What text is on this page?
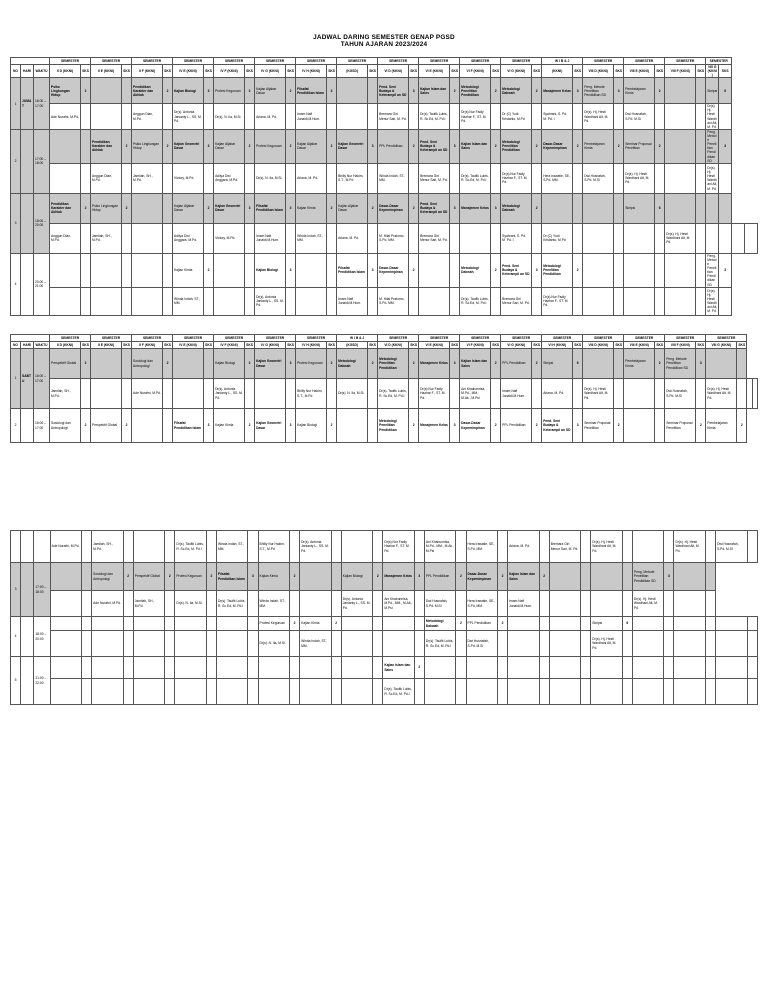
JADWAL DARING SEMESTER GENAP PGSD
TAHUN AJARAN 2023/2024
			SEMESTER		SEMESTER		SEMESTER		SEMESTER		SEMESTER		SEMESTER		SEMESTER		SEMESTER		SEMESTER		SEMESTER		SEMESTER		SEMESTER		W I B & J		SEMESTER		SEMESTER		SEMESTER		SEMESTER			
NO	HARI	WAKTU	II D (KKNI)	SKS	II E (KKNI)	SKS	II F (KKNI)	SKS	IV E (KKNI)	SKS	IV F (KKNI)	SKS	IV G (KKNI)	SKS	IV H (KKNI)	SKS	(KGSD)	SKS	VI D (KKNI)	SKS	VI E (KKNI)	SKS	VI F (KKNI)	SKS	VI G (KKNI)	SKS	(KKNI)	SKS	VIII D (KKNI)	SKS	VIII E (KKNI)	SKS	VIII F (KKNI)	SKS	VIII G (KKNI)	SKS		
1	JUMAT	16:00 – 17:00	Psiko Lingkungan Hidup	2			Pendidikan Karakter dan Akhlak	2	Kajian Biologi	3	Profesi Keguruan	2	Kajian Aljabar Dasar	2	Filsafat Pendidikan Islam	3			Pend. Seni Budaya & Keterampil an SD	3	Kajian Islam dan Sains	2	Metodologi Penelitian Pendidikan	2	Metodologi Dakwah	2	Manajemen Kelas	3	Peng. Metode Penelitian Pendidikan SD	3	Pembelajaran Kimia	2			Skripsi	6		
			Ade Nurafni, M.Pd.				Anggun Dian, M.Pd.		Dr(s). Antonia Janianty L., SS. M. Pd.		Dr(s). N. Ila, M.Si.		Ariana, M. Pd.		Imam Nafi Junaidi,M.Hum.				Bremara Giri Menur Sari, M. Pd.		Dr(s). Taufik Lubis, R. Sc.Ed, M. Pd.I		Dr(s).Nur Fadly Hazhar F., ST. M. Pd.		Dr (C) Yudi Kristanto, M.Pd		Syahrani, S. Pd. M. Pd. I		Dr(s). Hj. Hesti Wardhani Alt, M. Pd.		Dwi Husnafah, S.Pd. M.Si				Dr(s). Hj. Hesti Wardhani Alt, M. Pd.			
2		17:00 – 18:00			Pendidikan Karakter dan Akhlak	2	Psiko Lingkungan Hidup	2	Kajian Geometri Dasar	3	Kajian Aljabar Dasar	2	Profesi Keguruan	2	Kajian Aljabar Dasar	2	Kajian Geometri Dasar	3	PPL Pendidikan	2	Pend. Seni Budaya & Keterampil an SD	3	Kajian Islam dan Sains	2	Metodologi Penelitian Pendidikan	2	Dasar-Dasar Kepemimpinan	2	Pembelajaran Kimia	2	Seminar Proposal Penelitian	2			Peng. Metode Penelitian Pendidikan SD	3		
					Anggun Dian, M.Pd.		Jamilah, SH., M.Pd.		Victory, M.Pd.		Adilya Dwi Anggara, M.Pd.		Dr(s). N. Ila, M.Si.		Ariana, M. Pd.		Bhilly Nur Hakim, S.T., M.Pd		Winda Indah, ST., MM.		Bremara Giri Menur Sari, M. Pd.		Dr(s). Taufik Lubis, R. Sc.Ed, M. Pd.I		Dr(s).Nur Fadly Hazhar F., ST. M. Pd.		Hera Irawatie, SE., S.Pd, MM.		Dwi Husnafah, S.Pd. M.Si		Dr(s). Hj. Hesti Wardhani Alt, M. Pd.				Dr(s). Hj. Hesti Wardhani Alt, M. Pd.			
3		18:00 – 20:00	Pendidikan Karakter dan Akhlak	2	Psiko Lingkungan Hidup	2			Kajian Aljabar Dasar	2	Kajian Geometri Dasar	3	Filsafat Pendidikan Islam	3	Kajian Kimia	2	Kajian Aljabar Dasar	2	Dasar-Dasar Kepemimpinan	2	Pend. Seni Budaya & Keterampil an SD	3	Manajemen Kelas	3	Metodologi Dakwah	2					Skripsi	6						
			Anggun Dian, M.Pd.		Jamilah, SH., M.Pd.				Adilya Dwi Anggara, M.Pd.		Victory, M.Pd.		Imam Nafi Junaidi,M.Hum.		Winda Indah, ST., MM.		Ariana, M. Pd.		M. Hilal Pratomo, S.Pd. MM.		Bremara Giri Menur Sari, M. Pd.				Syahrani, S. Pd. M. Pd. I		Dr (C) Yudi Kristanto, M.Pd						Dr(s). Hj. Hesti Wardhani Alt, M. Pd.					
4		20:00 – 21:00							Kajian Kimia	2			Kajian Biologi	3			Filsafat Pendidikan Islam	3	Dasar-Dasar Kepemimpinan	2			Metodologi Dakwah	2	Pend. Seni Budaya & Keterampil an SD	3	Metodologi Penelitian Pendidikan	2							Peng. Metode Penelitian Pendidikan SD	3		
									Winda Indah, ST., MM.				Dr(s). Antonia Janianty L., SS. M. Pd.				Imam Nafi Junaidi,M.Hum.		M. Hilal Pratomo, S.Pd. MM.				Dr(s). Taufik Lubis, R. Sc.Ed, M. Pd.I		Bremara Giri Menur Sari, M. Pd.		Dr(s).Nur Fadly Hazhar F., ST. M. Pd.								Dr(s). Hj. Hesti Wardhani Alt, M. Pd.			
			SEMESTER		SEMESTER		SEMESTER		SEMESTER		SEMESTER		SEMESTER		SEMESTER		W I B & J		SEMESTER		SEMESTER		SEMESTER		SEMESTER		SEMESTER		SEMESTER		SEMESTER		SEMESTER		SEMESTER			
NO	HARI	WAKTU	II D (KKNI)	SKS	II E (KKNI)	SKS	II F (KKNI)	SKS	IV E (KKNI)	SKS	IV F (KKNI)	SKS	IV G (KKNI)	SKS	IV H (KKNI)	SKS	(KGSD)	SKS	VI D (KKNI)	SKS	VI E (KKNI)	SKS	VI F (KKNI)	SKS	VI G (KKNI)	SKS	VI H (KKNI)	SKS	VIII D (KKNI)	SKS	VIII E (KKNI)	SKS	VIII F (KKNI)	SKS	VIII G (KKNI)	SKS		
1	SABTU	16:00 – 17:00	Perspektif Global	2			Sosiologi dan Antropologi	2			Kajian Biologi	2	Kajian Geometri Dasar	3	Profesi Keguruan	2	Metodologi Dakwah	2	Metodologi Penelitian Pendidikan	2	Manajemen Kelas	3	Kajian Islam dan Sains	2	PPL Pendidikan	2	Skripsi	6			Pembelajaran Kimia	2	Peng. Metode Penelitian Pendidikan SD	3				
			Jamilah, SH., M.Pd.				Ade Nurafni, M.Pd.				Dr(s). Antonia Janianty L., SS. M. Pd.				Bhilly Nur Hakim, S.T., M.Pd		Dr(s). N. Ila, M.Si.		Dr(s). Taufik Lubis, R. Sc.Ed, M. Pd.I		Dr(s).Nur Fadly Hazhar F., ST. M. Pd.		Ani Khairunnisa, M.Pd., MM., M.Ak., M.Psi		Imam Nafi Junaidi,M.Hum.		Ariana, M. Pd.		Dr(s). Hj. Hesti Wardhani Alt, M. Pd.				Dwi Husnafah, S.Pd. M.Si		Dr(s). Hj. Hesti Wardhani Alt, M. Pd.			
2		16:00 – 17:00	Sosiologi dan Antropologi	2	Perspektif Global	2			Filsafat Pendidikan Islam	3	Kajian Kimia	2	Kajian Geometri Dasar	3	Kajian Biologi	2			Metodologi Penelitian Pendidikan	2	Manajemen Kelas	3	Dasar-Dasar Kepemimpinan	2	PPL Pendidikan	2	Pend. Seni Budaya & Keterampil an SD	3	Seminar Proposal Penelitian	2			Seminar Proposal Penelitian	2	Pembelajaran Kimia	2		
			Ade Nurafni, M.Pd.		Jamilah, SH., M.Pd.				Dr(s). Taufik Lubis, R. Sc.Ed, M. Pd.I		Winda Indah, ST., MM.		Bhilly Nur Hakim, S.T., M.Pd		Dr(s). Antonia Janianty L., SS. M. Pd.				Dr(s).Nur Fadly Hazhar F., ST. M. Pd.		Ani Khairunnisa, M.Pd., MM., M.Ak., M.Psi		Hera Irawatie, SE., S.Pd, MM.		Ariana, M. Pd.		Bremara Giri Menur Sari, M. Pd.		Dr(s). Hj. Hesti Wardhani Alt, M. Pd.				Dr(s). Hj. Hesti Wardhani Alt, M. Pd.		Dwi Husnafah, S.Pd. M.Si	
3		17:00 – 18:00			Sosiologi dan Antropologi	2	Perspektif Global	2	Profesi Keguruan	2	Filsafat Pendidikan Islam	3	Kajian Kimia	2			Kajian Biologi	2	Manajemen Kelas	3	PPL Pendidikan	2	Dasar-Dasar Kepemimpinan	2	Kajian Islam dan Sains	2					Peng. Metode Penelitian Pendidikan SD	3				
					Ade Nurafni, M.Pd.		Jamilah, SH., M.Pd.		Dr(s). N. Ila, M.Si.		Dr(s). Taufik Lubis, R. Sc.Ed, M. Pd.I		Winda Indah, ST., MM.				Dr(s). Antonia Janianty L., SS. M. Pd.		Ani Khairunnisa, M.Pd., MM., M.Ak., M.Psi		Dwi Husnafah, S.Pd. M.Si		Hera Irawatie, SE., S.Pd, MM.		Imam Nafi Junaidi,M.Hum.						Dr(s). Hj. Hesti Wardhani Alt, M. Pd.					
4		18:00 – 20:00											Profesi Keguruan	2	Kajian Kimia	2					Metodologi Dakwah	2	PPL Pendidikan	2					Skripsi	6						
													Dr(s). N. Ila, M.Si.		Winda Indah, ST., MM.						Dr(s). Taufik Lubis, R. Sc.Ed, M. Pd.I		Dwi Husnafah, S.Pd. M.Si						Dr(s). Hj. Hesti Wardhani Alt, M. Pd.							
5		21:00 – 22:00																	Kajian Islam dan Sains	2																
																			Dr(s). Taufik Lubis, R. Sc.Ed, M. Pd.I																	
